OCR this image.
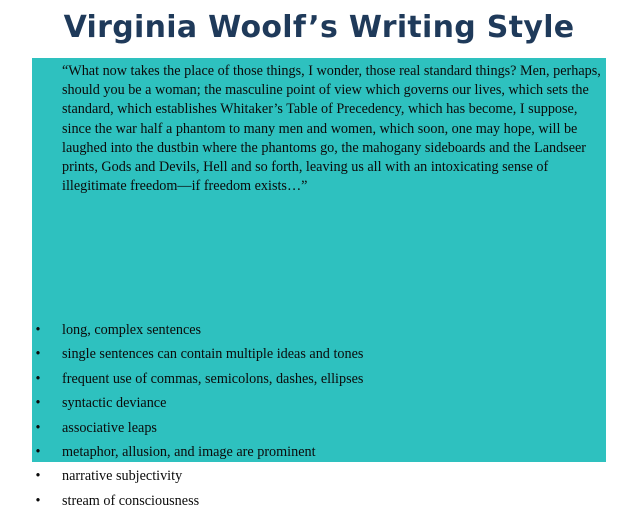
Virginia Woolf’s Writing Style

“What now takes the place of those things, I wonder, those real standard things? Men, perhaps, should you be a woman; the masculine point of view which governs our lives, which sets the standard, which establishes Whitaker’s Table of Precedency, which has become, I suppose, since the war half a phantom to many men and women, which soon, one may hope, will be laughed into the dustbin where the phantoms go, the mahogany sideboards and the Landseer prints, Gods and Devils, Hell and so forth, leaving us all with an intoxicating sense of illegitimate freedom—if freedom exists…”

• long, complex sentences
• single sentences can contain multiple ideas and tones
• frequent use of commas, semicolons, dashes, ellipses
• syntactic deviance
• associative leaps
• metaphor, allusion, and image are prominent
• narrative subjectivity
• stream of consciousness
